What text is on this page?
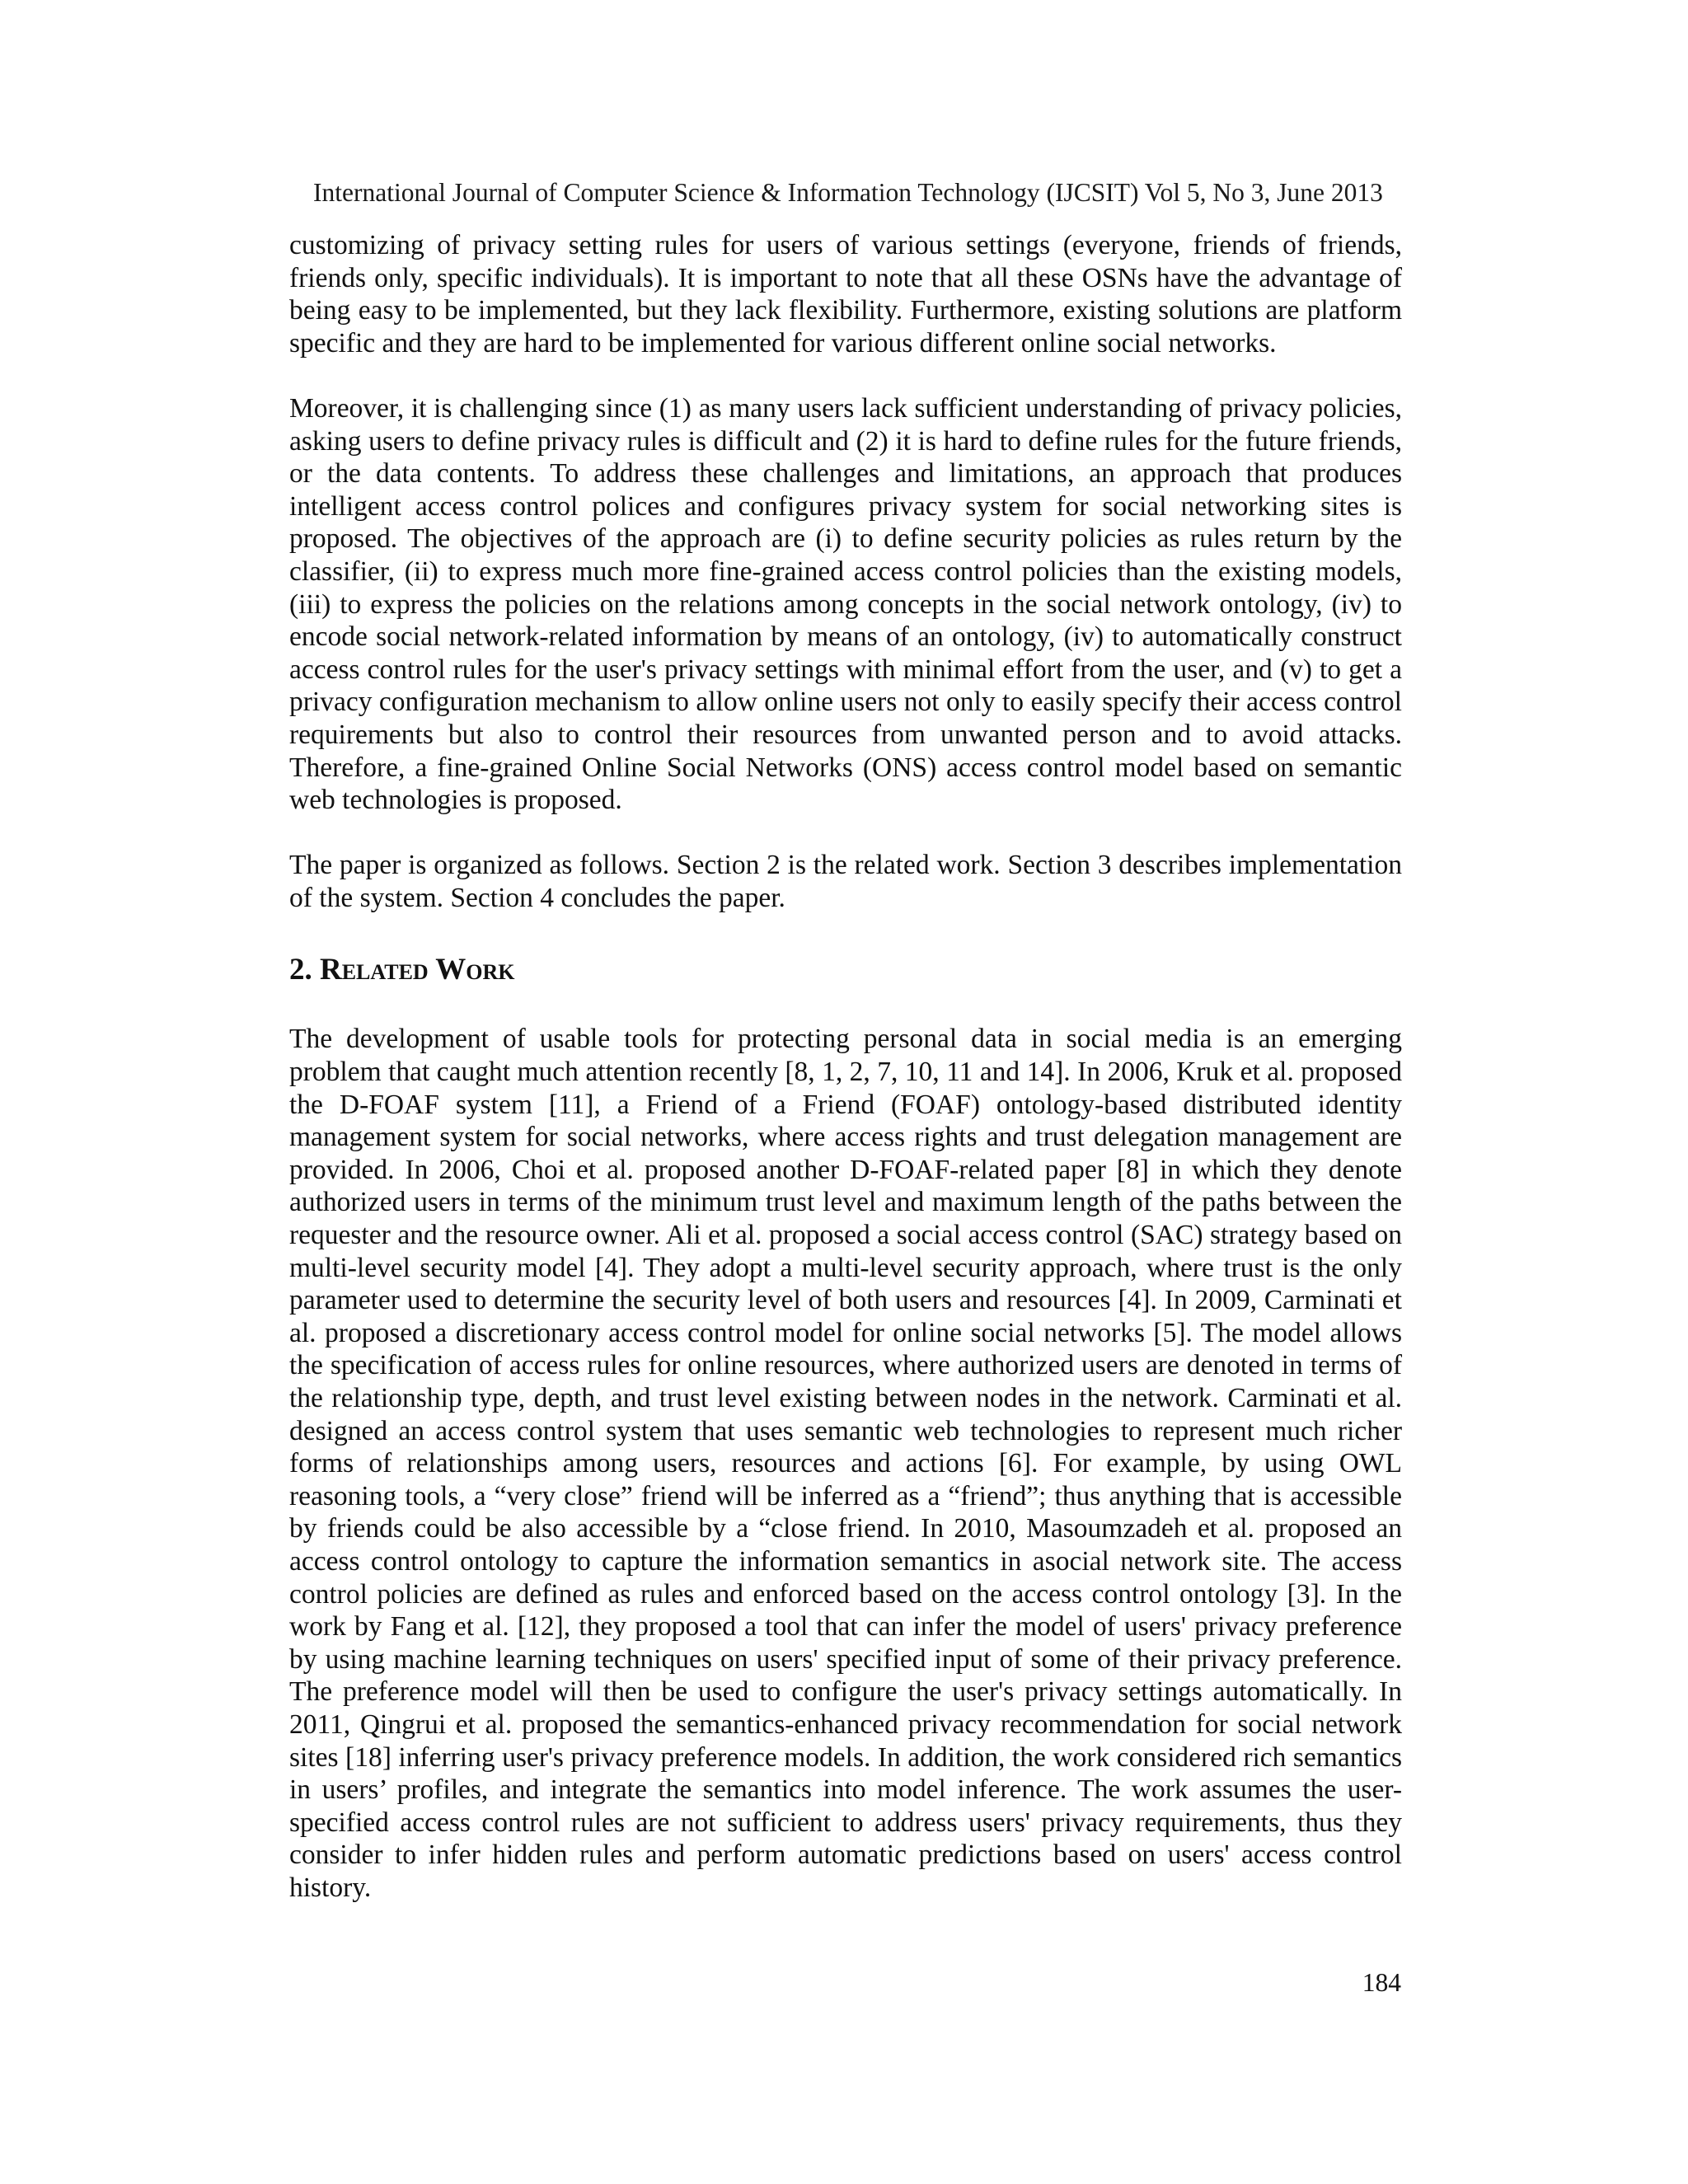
International Journal of Computer Science & Information Technology (IJCSIT) Vol 5, No 3, June 2013

customizing of privacy setting rules for users of various settings (everyone, friends of friends, friends only, specific individuals). It is important to note that all these OSNs have the advantage of being easy to be implemented, but they lack flexibility. Furthermore, existing solutions are platform specific and they are hard to be implemented for various different online social networks.

Moreover, it is challenging since (1) as many users lack sufficient understanding of privacy policies, asking users to define privacy rules is difficult and (2) it is hard to define rules for the future friends, or the data contents. To address these challenges and limitations, an approach that produces intelligent access control polices and configures privacy system for social networking sites is proposed. The objectives of the approach are (i) to define security policies as rules return by the classifier, (ii) to express much more fine-grained access control policies than the existing models, (iii) to express the policies on the relations among concepts in the social network ontology, (iv) to encode social network-related information by means of an ontology, (iv) to automatically construct access control rules for the user's privacy settings with minimal effort from the user, and (v) to get a privacy configuration mechanism to allow online users not only to easily specify their access control requirements but also to control their resources from unwanted person and to avoid attacks. Therefore, a fine-grained Online Social Networks (ONS) access control model based on semantic web technologies is proposed.

The paper is organized as follows. Section 2 is the related work. Section 3 describes implementation of the system. Section 4 concludes the paper.

2. Related Work

The development of usable tools for protecting personal data in social media is an emerging problem that caught much attention recently [8, 1, 2, 7, 10, 11 and 14]. In 2006, Kruk et al. proposed the D-FOAF system [11], a Friend of a Friend (FOAF) ontology-based distributed identity management system for social networks, where access rights and trust delegation management are provided. In 2006, Choi et al. proposed another D-FOAF-related paper [8] in which they denote authorized users in terms of the minimum trust level and maximum length of the paths between the requester and the resource owner. Ali et al. proposed a social access control (SAC) strategy based on multi-level security model [4]. They adopt a multi-level security approach, where trust is the only parameter used to determine the security level of both users and resources [4]. In 2009, Carminati et al. proposed a discretionary access control model for online social networks [5]. The model allows the specification of access rules for online resources, where authorized users are denoted in terms of the relationship type, depth, and trust level existing between nodes in the network. Carminati et al. designed an access control system that uses semantic web technologies to represent much richer forms of relationships among users, resources and actions [6]. For example, by using OWL reasoning tools, a “very close” friend will be inferred as a “friend”; thus anything that is accessible by friends could be also accessible by a “close friend. In 2010, Masoumzadeh et al. proposed an access control ontology to capture the information semantics in asocial network site. The access control policies are defined as rules and enforced based on the access control ontology [3]. In the work by Fang et al. [12], they proposed a tool that can infer the model of users' privacy preference by using machine learning techniques on users' specified input of some of their privacy preference. The preference model will then be used to configure the user's privacy settings automatically. In 2011, Qingrui et al. proposed the semantics-enhanced privacy recommendation for social network sites [18] inferring user's privacy preference models. In addition, the work considered rich semantics in users’ profiles, and integrate the semantics into model inference. The work assumes the user-specified access control rules are not sufficient to address users' privacy requirements, thus they consider to infer hidden rules and perform automatic predictions based on users' access control history.

184
